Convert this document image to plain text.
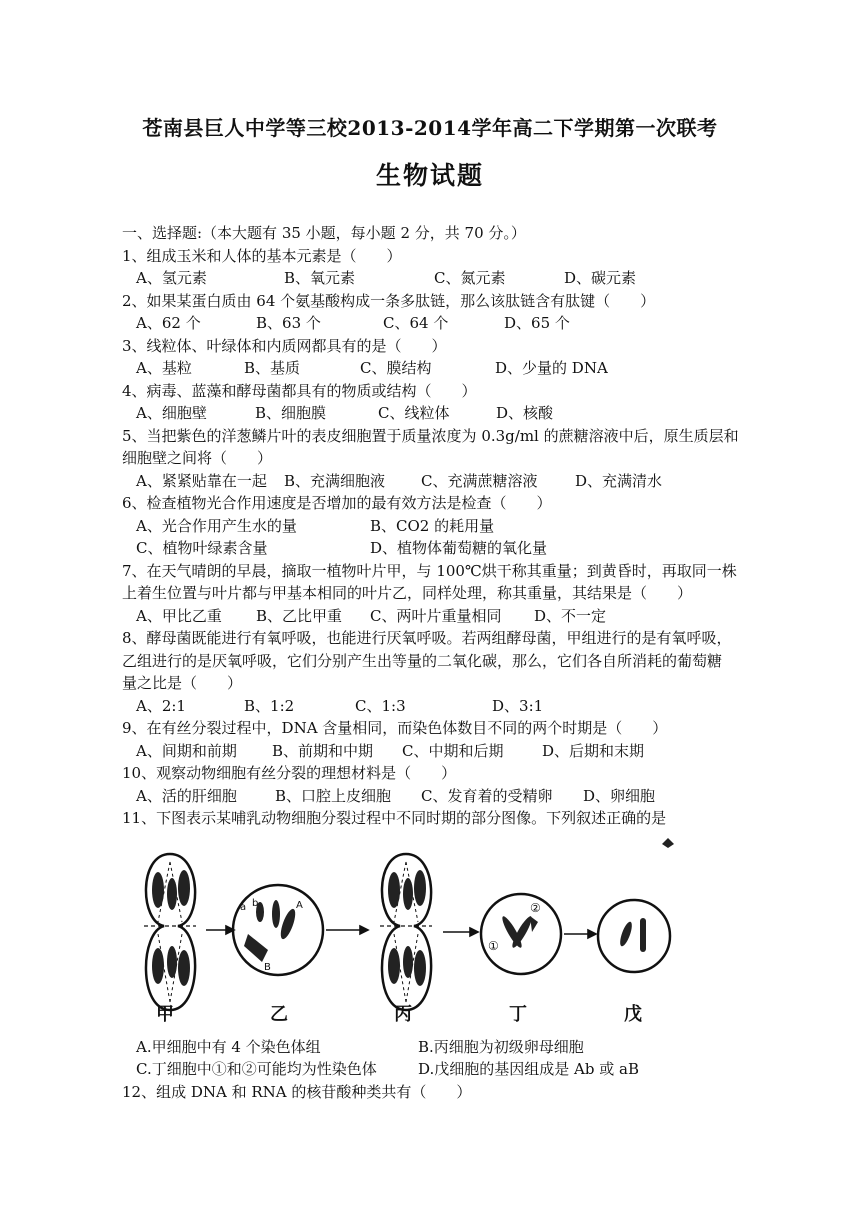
苍南县巨人中学等三校2013-2014学年高二下学期第一次联考
生物试题
一、选择题:（本大题有 35 小题，每小题 2 分，共 70 分。）
1、组成玉米和人体的基本元素是（　　）
A、氢元素	B、氧元素	C、氮元素	D、碳元素
2、如果某蛋白质由 64 个氨基酸构成一条多肽链，那么该肽链含有肽键（　　）
A、62 个	B、63 个	C、64 个	D、65 个
3、线粒体、叶绿体和内质网都具有的是（　　）
A、基粒	B、基质	C、膜结构	D、少量的 DNA
4、病毒、蓝藻和酵母菌都具有的物质或结构（　　）
A、细胞壁	B、细胞膜	C、线粒体	D、核酸
5、当把紫色的洋葱鳞片叶的表皮细胞置于质量浓度为 0.3g/ml 的蔗糖溶液中后，原生质层和
细胞壁之间将（　　）
A、紧紧贴靠在一起 B、充满细胞液 C、充满蔗糖溶液	D、充满清水
6、检查植物光合作用速度是否增加的最有效方法是检查（　　）
A、光合作用产生水的量	B、CO2 的耗用量
C、植物叶绿素含量	D、植物体葡萄糖的氧化量
7、在天气晴朗的早晨，摘取一植物叶片甲，与 100℃烘干称其重量；到黄昏时，再取同一株
上着生位置与叶片都与甲基本相同的叶片乙，同样处理，称其重量，其结果是（　　）
A、甲比乙重 B、乙比甲重 C、两叶片重量相同 D、不一定
8、酵母菌既能进行有氧呼吸，也能进行厌氧呼吸。若两组酵母菌，甲组进行的是有氧呼吸，
乙组进行的是厌氧呼吸，它们分别产生出等量的二氧化碳，那么，它们各自所消耗的葡萄糖
量之比是（　　）
A、2:1	B、1:2	C、1:3	D、3:1
9、在有丝分裂过程中，DNA 含量相同，而染色体数目不同的两个时期是（　　）
A、间期和前期 B、前期和中期 C、中期和后期	D、后期和末期
10、观察动物细胞有丝分裂的理想材料是（　　）
A、活的肝细胞	B、口腔上皮细胞 C、发育着的受精卵 D、卵细胞
11、下图表示某哺乳动物细胞分裂过程中不同时期的部分图像。下列叙述正确的是
a b	A
B
①
②
甲	乙	丙	丁	戊
A.甲细胞中有 4 个染色体组	B.丙细胞为初级卵母细胞
C.丁细胞中①和②可能均为性染色体	D.戊细胞的基因组成是 Ab 或 aB
12、组成 DNA 和 RNA 的核苷酸种类共有（　　）
